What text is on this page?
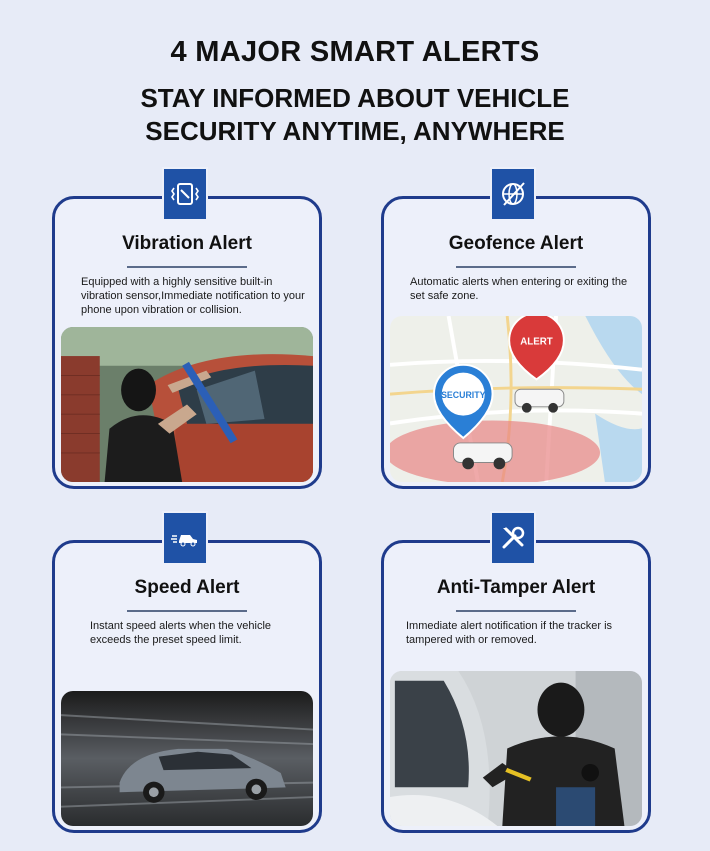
4 MAJOR SMART ALERTS
STAY INFORMED ABOUT VEHICLE
SECURITY ANYTIME, ANYWHERE
Vibration Alert
Equipped with a highly sensitive built-in vibration sensor,Immediate notification to your phone upon vibration or collision.
Geofence Alert
Automatic alerts when entering or exiting the set safe zone.
ALERT
SECURITY
Speed Alert
Instant speed alerts when the vehicle exceeds the preset speed limit.
Anti-Tamper Alert
Immediate alert notification if the tracker is tampered with or removed.
